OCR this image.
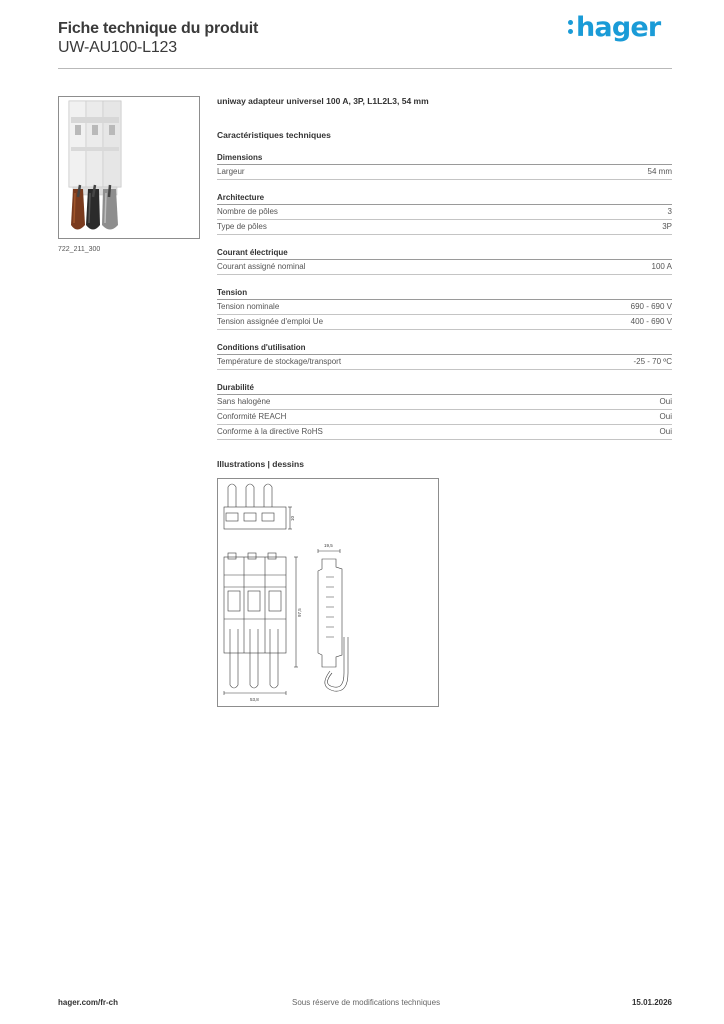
Fiche technique du produit
UW-AU100-L123
hager
722_211_300
uniway adapteur universel 100 A, 3P, L1L2L3, 54 mm
Caractéristiques techniques
Dimensions
Largeur	54 mm
Architecture
Nombre de pôles	3
Type de pôles	3P
Courant électrique
Courant assigné nominal	100 A
Tension
Tension nominale	690 - 690 V
Tension assignée d'emploi Ue	400 - 690 V
Conditions d'utilisation
Température de stockage/transport	-25 - 70 ºC
Durabilité
Sans halogène	Oui
Conformité REACH	Oui
Conforme à la directive RoHS	Oui
Illustrations | dessins
10
97,5
53,8
19,5
hager.com/fr-ch	Sous réserve de modifications techniques	15.01.2026
